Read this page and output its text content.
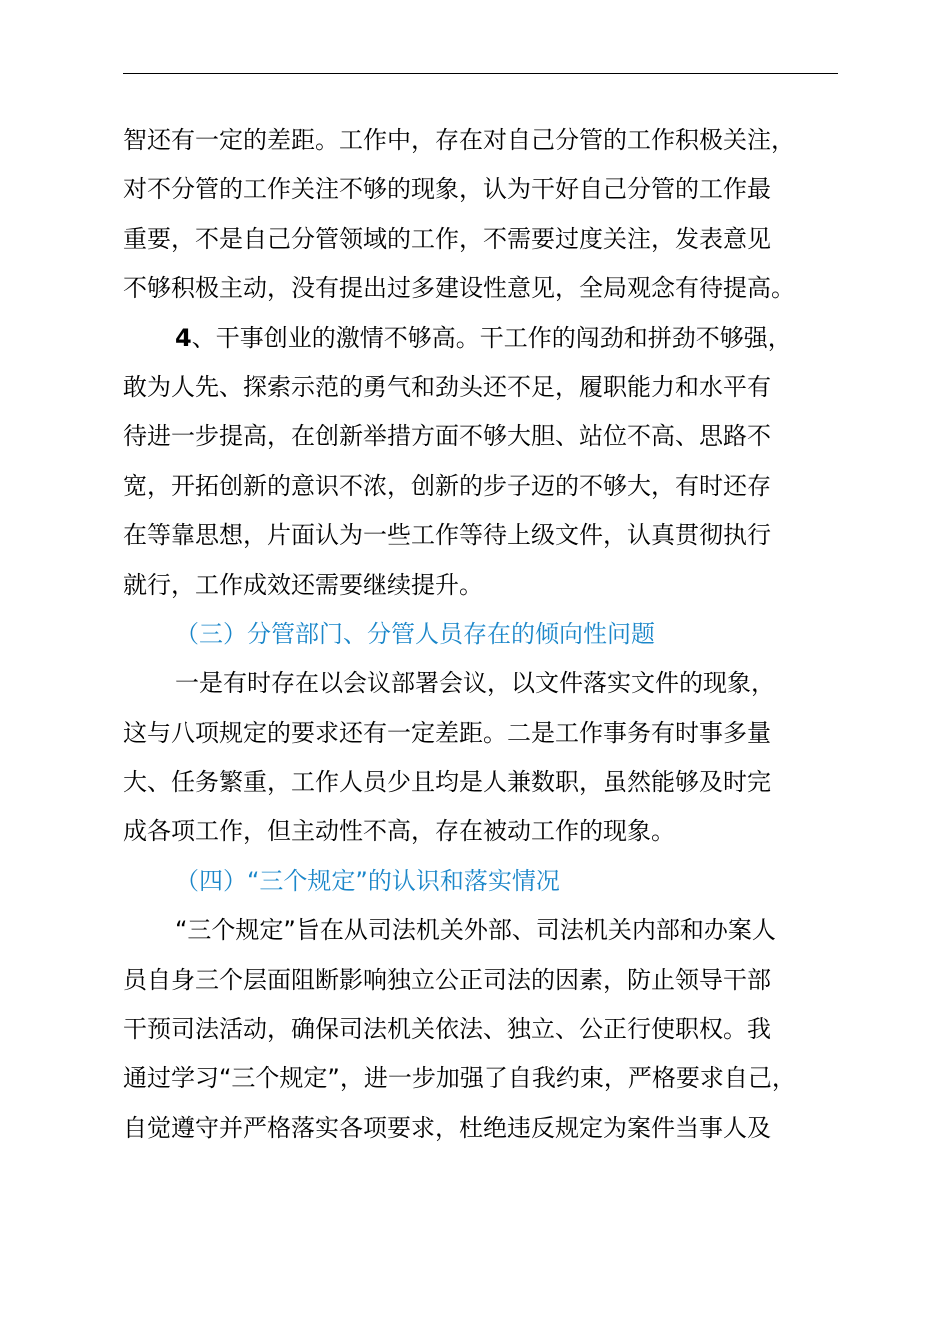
智还有一定的差距。工作中，存在对自己分管的工作积极关注，
对不分管的工作关注不够的现象，认为干好自己分管的工作最
重要，不是自己分管领域的工作，不需要过度关注，发表意见
不够积极主动，没有提出过多建设性意见，全局观念有待提高。
4、干事创业的激情不够高。干工作的闯劲和拼劲不够强，
敢为人先、探索示范的勇气和劲头还不足，履职能力和水平有
待进一步提高，在创新举措方面不够大胆、站位不高、思路不
宽，开拓创新的意识不浓，创新的步子迈的不够大，有时还存
在等靠思想，片面认为一些工作等待上级文件，认真贯彻执行
就行，工作成效还需要继续提升。
（三）分管部门、分管人员存在的倾向性问题
一是有时存在以会议部署会议，以文件落实文件的现象，
这与八项规定的要求还有一定差距。二是工作事务有时事多量
大、任务繁重，工作人员少且均是人兼数职，虽然能够及时完
成各项工作，但主动性不高，存在被动工作的现象。
（四）“三个规定”的认识和落实情况
“三个规定”旨在从司法机关外部、司法机关内部和办案人
员自身三个层面阻断影响独立公正司法的因素，防止领导干部
干预司法活动，确保司法机关依法、独立、公正行使职权。我
通过学习“三个规定”，进一步加强了自我约束，严格要求自己，
自觉遵守并严格落实各项要求，杜绝违反规定为案件当事人及
